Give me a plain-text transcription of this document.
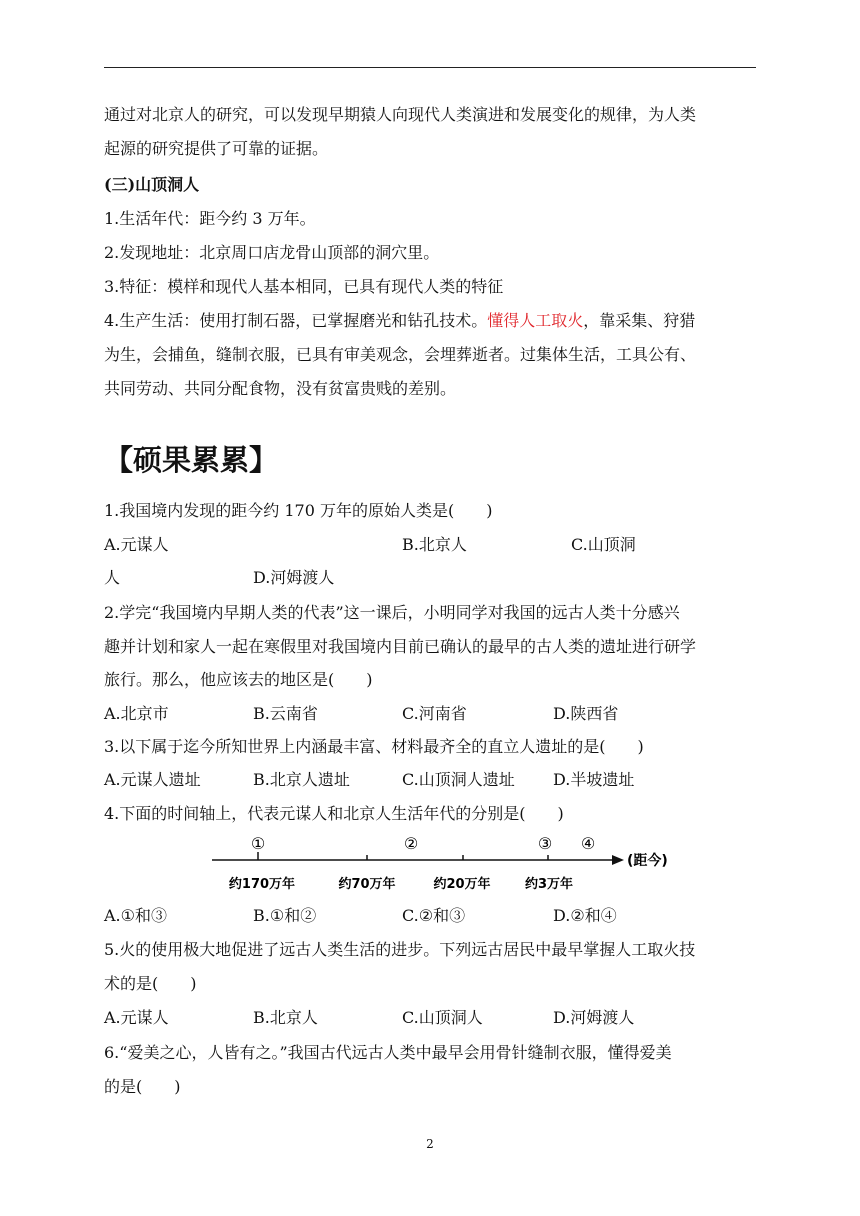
通过对北京人的研究，可以发现早期猿人向现代人类演进和发展变化的规律，为人类
起源的研究提供了可靠的证据。
(三)山顶洞人
1.生活年代：距今约 3 万年。
2.发现地址：北京周口店龙骨山顶部的洞穴里。
3.特征：模样和现代人基本相同，已具有现代人类的特征
4.生产生活：使用打制石器，已掌握磨光和钻孔技术。懂得人工取火，靠采集、狩猎
为生，会捕鱼，缝制衣服，已具有审美观念，会埋葬逝者。过集体生活，工具公有、
共同劳动、共同分配食物，没有贫富贵贱的差别。
【硕果累累】
1.我国境内发现的距今约 170 万年的原始人类是(　　)
A.元谋人	B.北京人	C.山顶洞
人	D.河姆渡人
2.学完“我国境内早期人类的代表”这一课后，小明同学对我国的远古人类十分感兴
趣并计划和家人一起在寒假里对我国境内目前已确认的最早的古人类的遗址进行研学
旅行。那么，他应该去的地区是(　　)
A.北京市	B.云南省	C.河南省	D.陕西省
3.以下属于迄今所知世界上内涵最丰富、材料最齐全的直立人遗址的是(　　)
A.元谋人遗址	B.北京人遗址	C.山顶洞人遗址 D.半坡遗址
4.下面的时间轴上，代表元谋人和北京人生活年代的分别是(　　)
①	②	③ ④
约170万年	约70万年	约20万年	约3万年
(距今)
A.①和③	B.①和②	C.②和③	D.②和④
5.火的使用极大地促进了远古人类生活的进步。下列远古居民中最早掌握人工取火技
术的是(　　)
A.元谋人	B.北京人	C.山顶洞人	D.河姆渡人
6.“爱美之心，人皆有之。”我国古代远古人类中最早会用骨针缝制衣服，懂得爱美
的是(　　)
2
